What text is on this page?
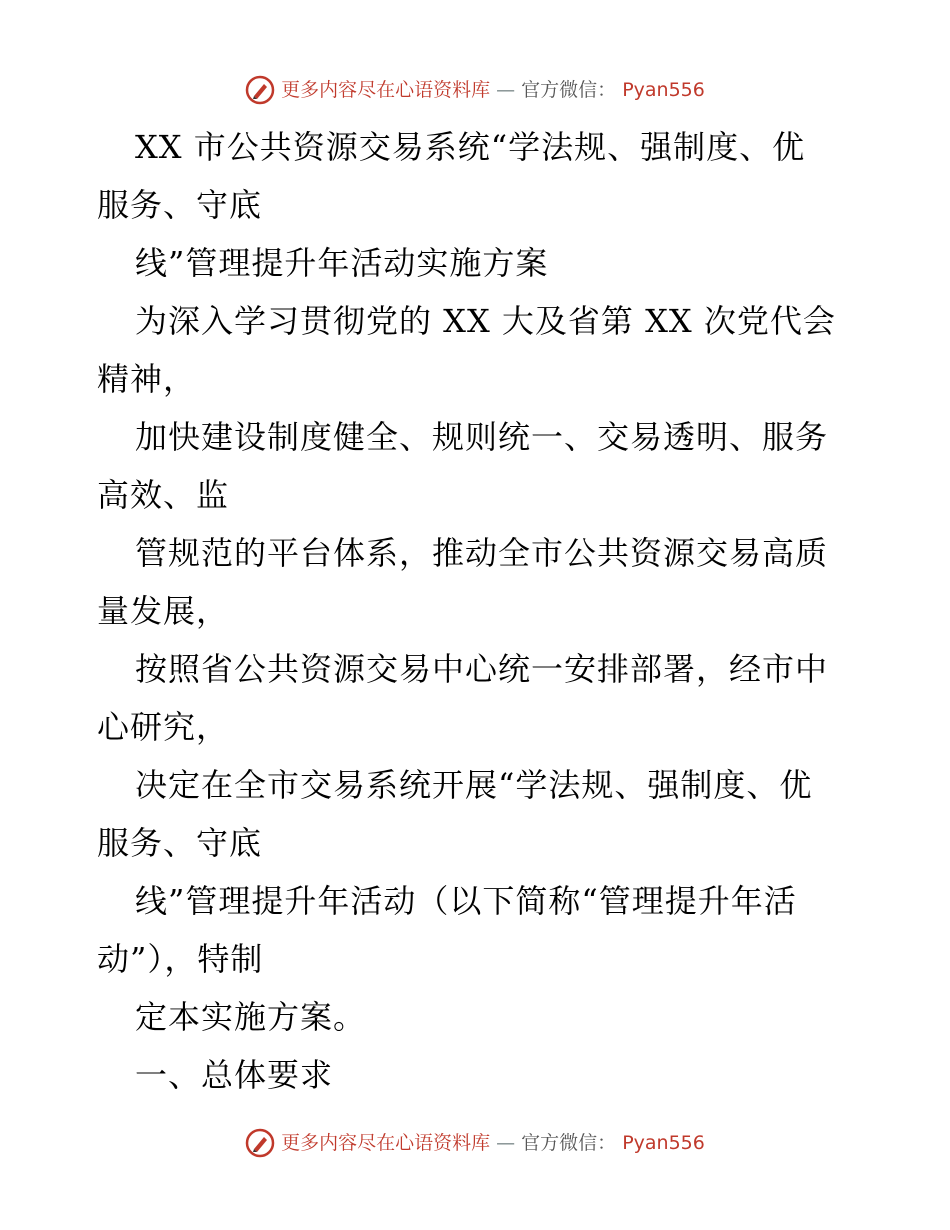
更多内容尽在心语资料库 — 官方微信： Pyan556
XX 市公共资源交易系统“学法规、强制度、优
服务、守底
线”管理提升年活动实施方案
为深入学习贯彻党的 XX 大及省第 XX 次党代会
精神，
加快建设制度健全、规则统一、交易透明、服务
高效、监
管规范的平台体系，推动全市公共资源交易高质
量发展，
按照省公共资源交易中心统一安排部署，经市中
心研究，
决定在全市交易系统开展“学法规、强制度、优
服务、守底
线”管理提升年活动（以下简称“管理提升年活
动”），特制
定本实施方案。
一、总体要求
更多内容尽在心语资料库 — 官方微信： Pyan556
